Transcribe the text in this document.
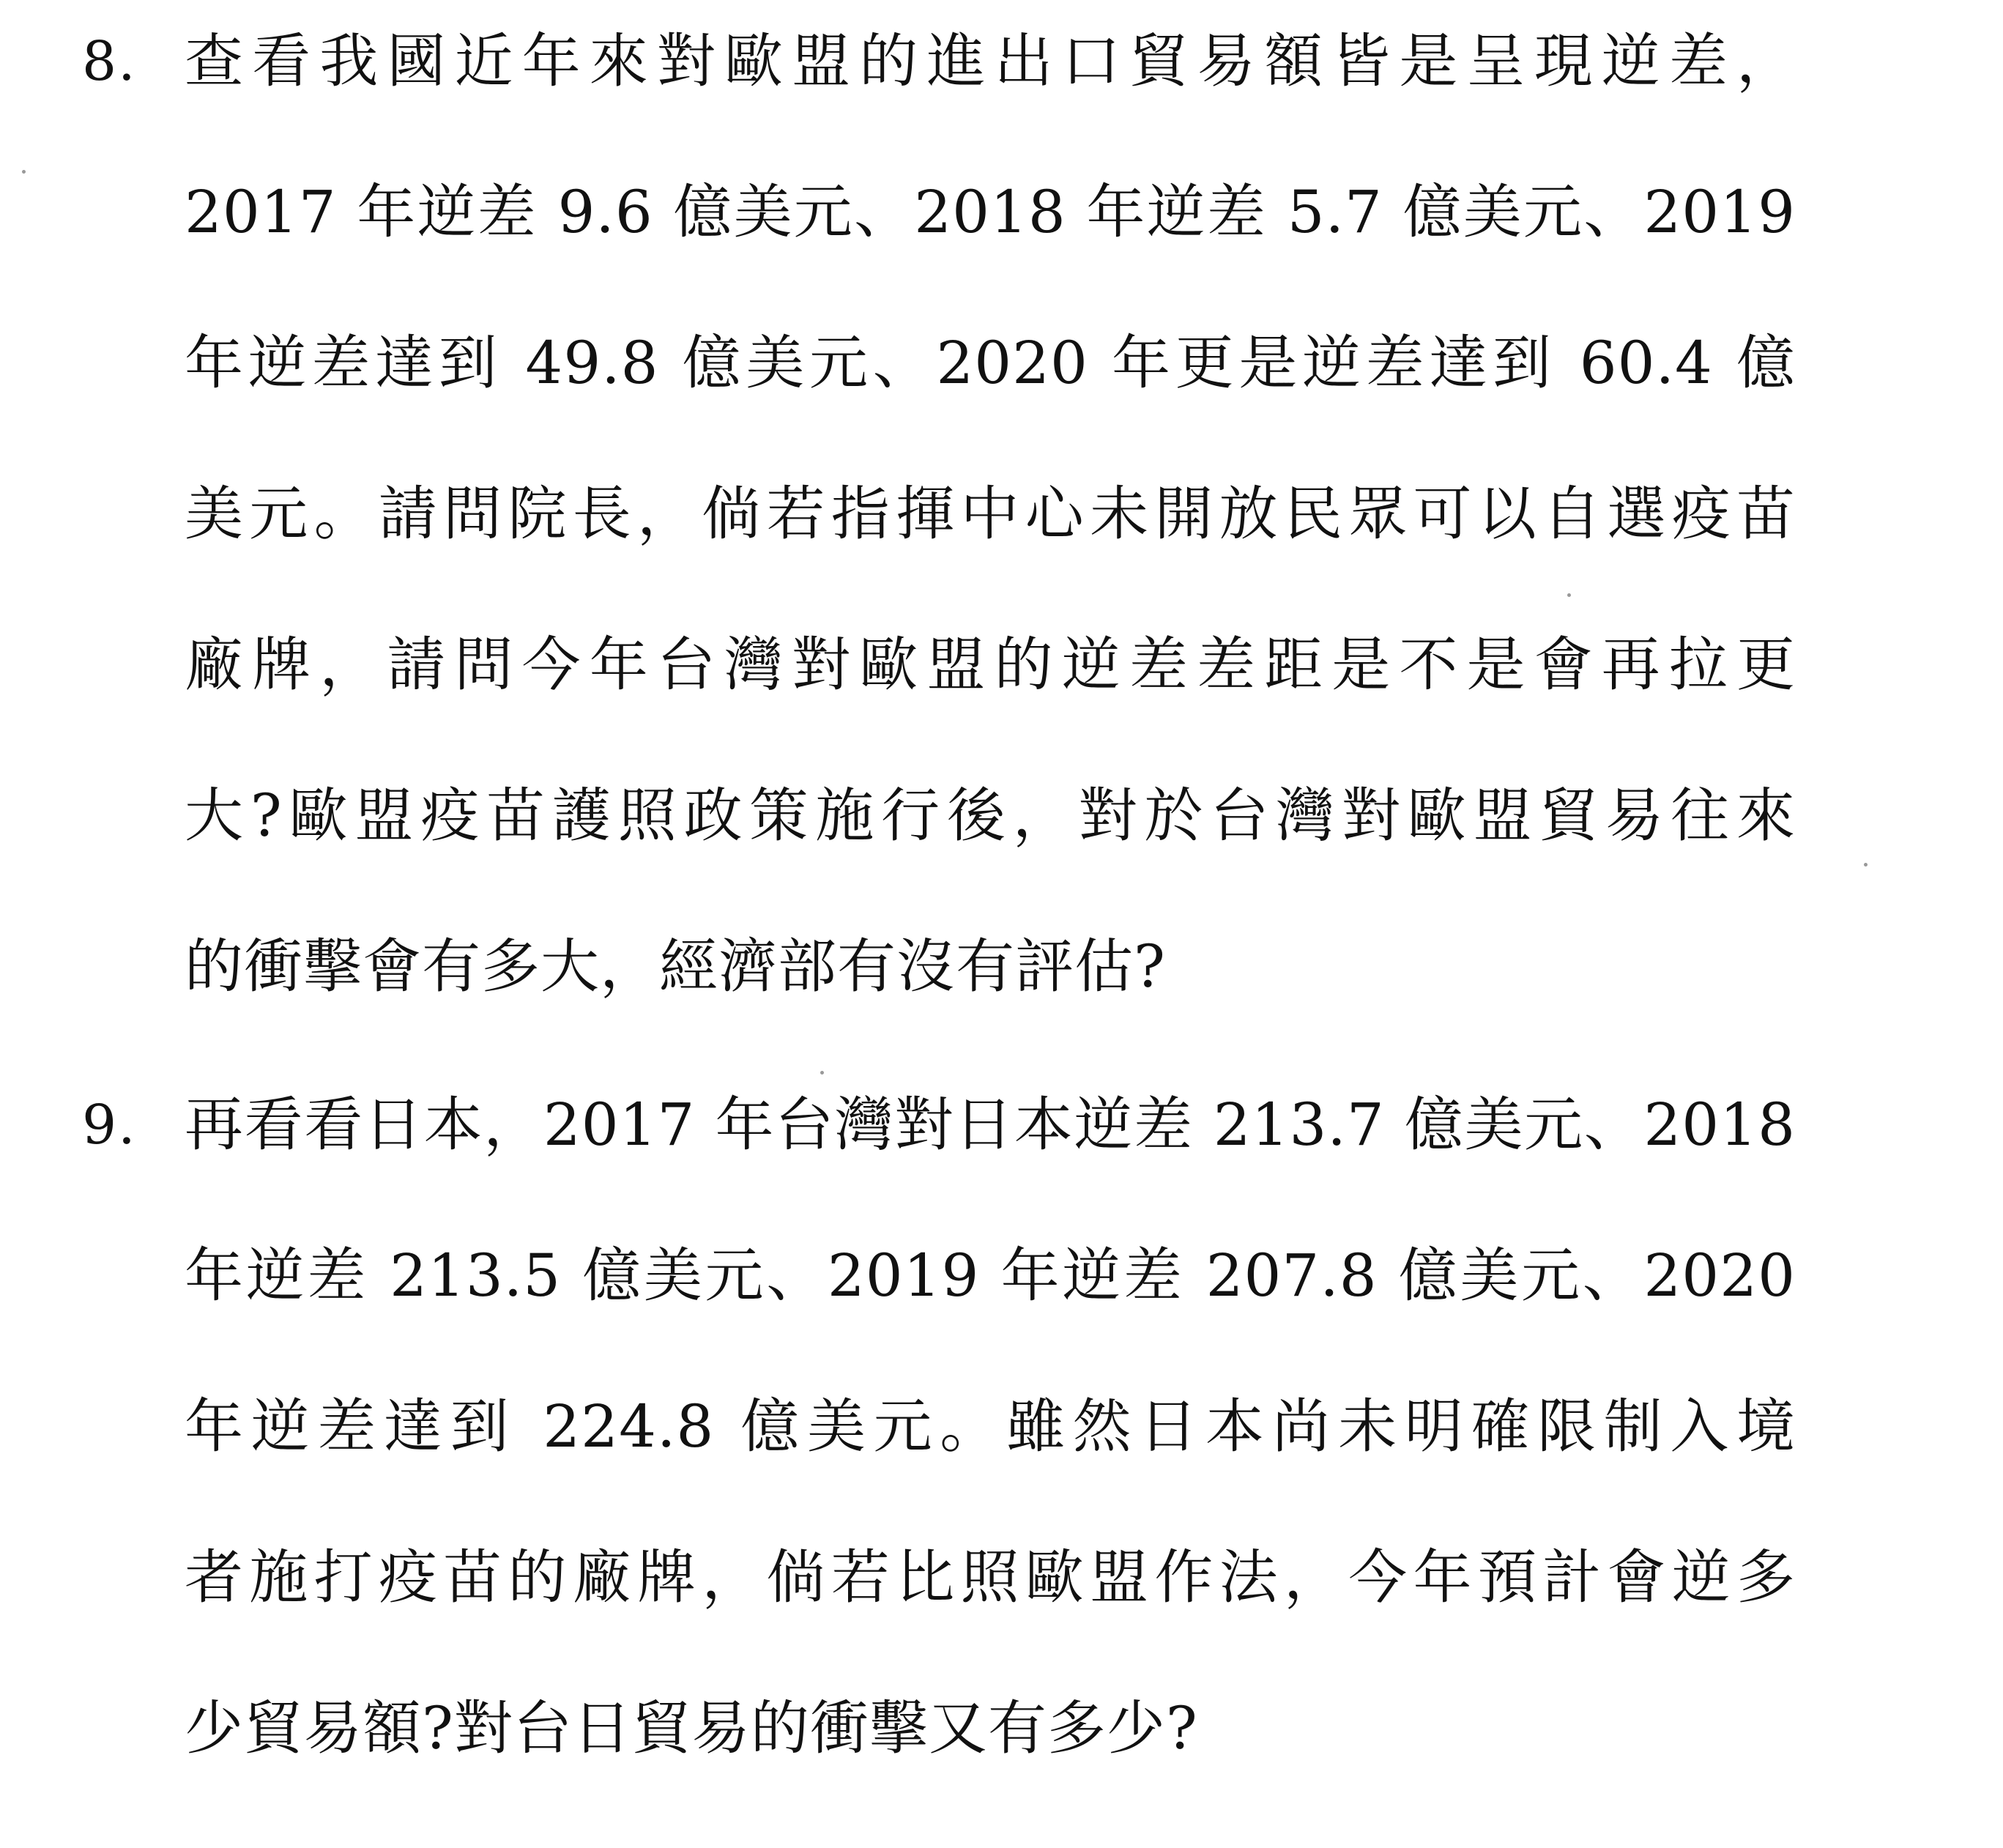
8. 查看我國近年來對歐盟的進出口貿易額皆是呈現逆差，
2017 年逆差 9.6 億美元、2018 年逆差 5.7 億美元、2019
年逆差達到 49.8 億美元、2020 年更是逆差達到 60.4 億
美元。請問院長，倘若指揮中心未開放民眾可以自選疫苗
廠牌，請問今年台灣對歐盟的逆差差距是不是會再拉更
大?歐盟疫苗護照政策施行後，對於台灣對歐盟貿易往來
的衝擊會有多大，經濟部有沒有評估?
9. 再看看日本，2017 年台灣對日本逆差 213.7 億美元、2018
年逆差 213.5 億美元、2019 年逆差 207.8 億美元、2020
年逆差達到 224.8 億美元。雖然日本尚未明確限制入境
者施打疫苗的廠牌，倘若比照歐盟作法，今年預計會逆多
少貿易額?對台日貿易的衝擊又有多少?
